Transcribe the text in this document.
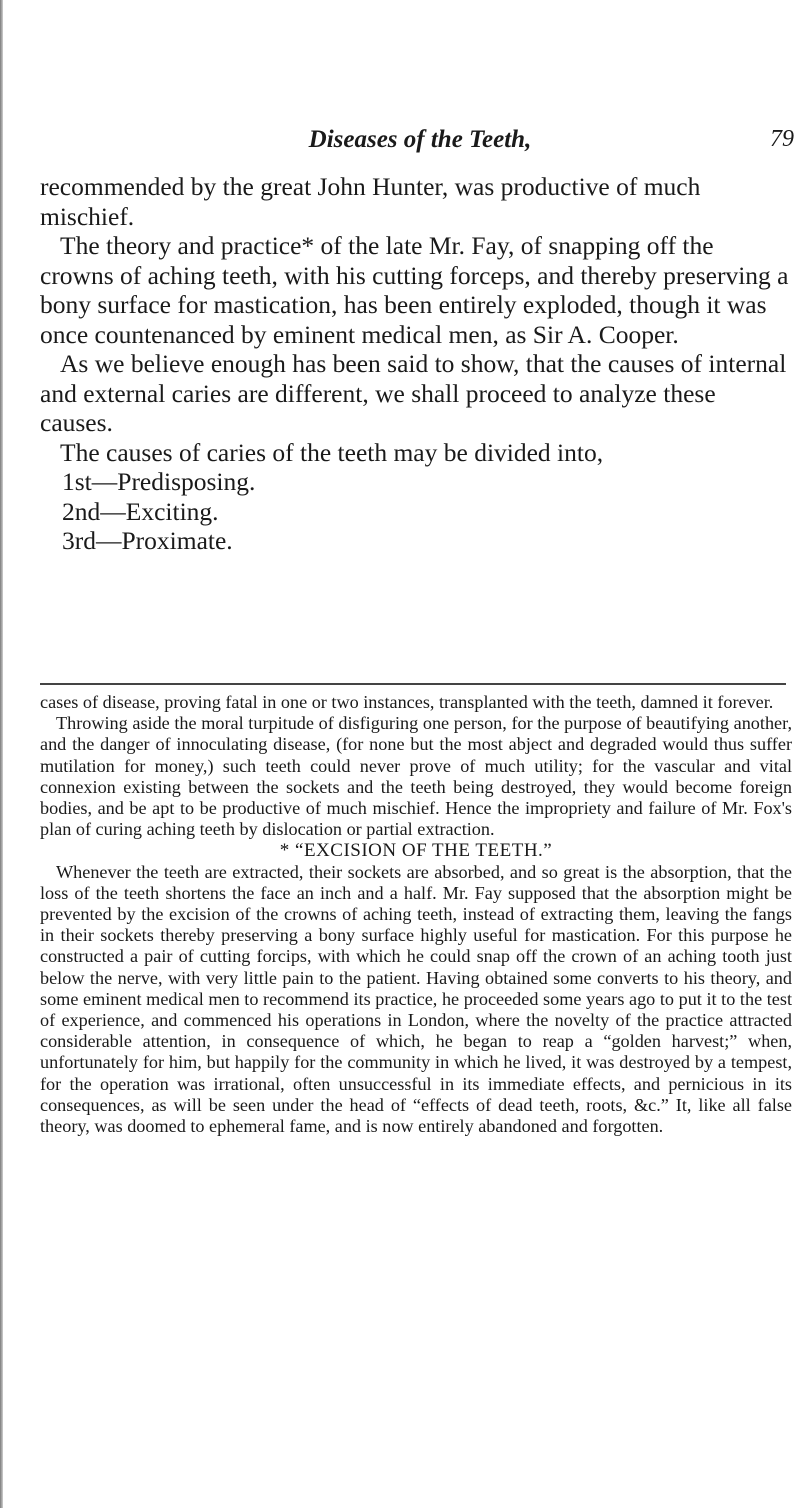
Diseases of the Teeth,	79

recommended by the great John Hunter, was productive of much mischief.

The theory and practice* of the late Mr. Fay, of snapping off the crowns of aching teeth, with his cutting forceps, and thereby preserving a bony surface for mastication, has been entirely exploded, though it was once countenanced by eminent medical men, as Sir A. Cooper.

As we believe enough has been said to show, that the causes of internal and external caries are different, we shall proceed to analyze these causes.

The causes of caries of the teeth may be divided into,

1st—Predisposing.
2nd—Exciting.
3rd—Proximate.

cases of disease, proving fatal in one or two instances, transplanted with the teeth, damned it forever.

Throwing aside the moral turpitude of disfiguring one person, for the purpose of beautifying another, and the danger of innoculating disease, (for none but the most abject and degraded would thus suffer mutilation for money,) such teeth could never prove of much utility; for the vascular and vital connexion existing between the sockets and the teeth being destroyed, they would become foreign bodies, and be apt to be productive of much mischief. Hence the impropriety and failure of Mr. Fox's plan of curing aching teeth by dislocation or partial extraction.

* “EXCISION OF THE TEETH.”

Whenever the teeth are extracted, their sockets are absorbed, and so great is the absorption, that the loss of the teeth shortens the face an inch and a half. Mr. Fay supposed that the absorption might be prevented by the excision of the crowns of aching teeth, instead of extracting them, leaving the fangs in their sockets thereby preserving a bony surface highly useful for mastication. For this purpose he constructed a pair of cutting forcips, with which he could snap off the crown of an aching tooth just below the nerve, with very little pain to the patient. Having obtained some converts to his theory, and some eminent medical men to recommend its practice, he proceeded some years ago to put it to the test of experience, and commenced his operations in London, where the novelty of the practice attracted considerable attention, in consequence of which, he began to reap a “golden harvest;” when, unfortunately for him, but happily for the community in which he lived, it was destroyed by a tempest, for the operation was irrational, often unsuccessful in its immediate effects, and pernicious in its consequences, as will be seen under the head of “effects of dead teeth, roots, &c.” It, like all false theory, was doomed to ephemeral fame, and is now entirely abandoned and forgotten.
